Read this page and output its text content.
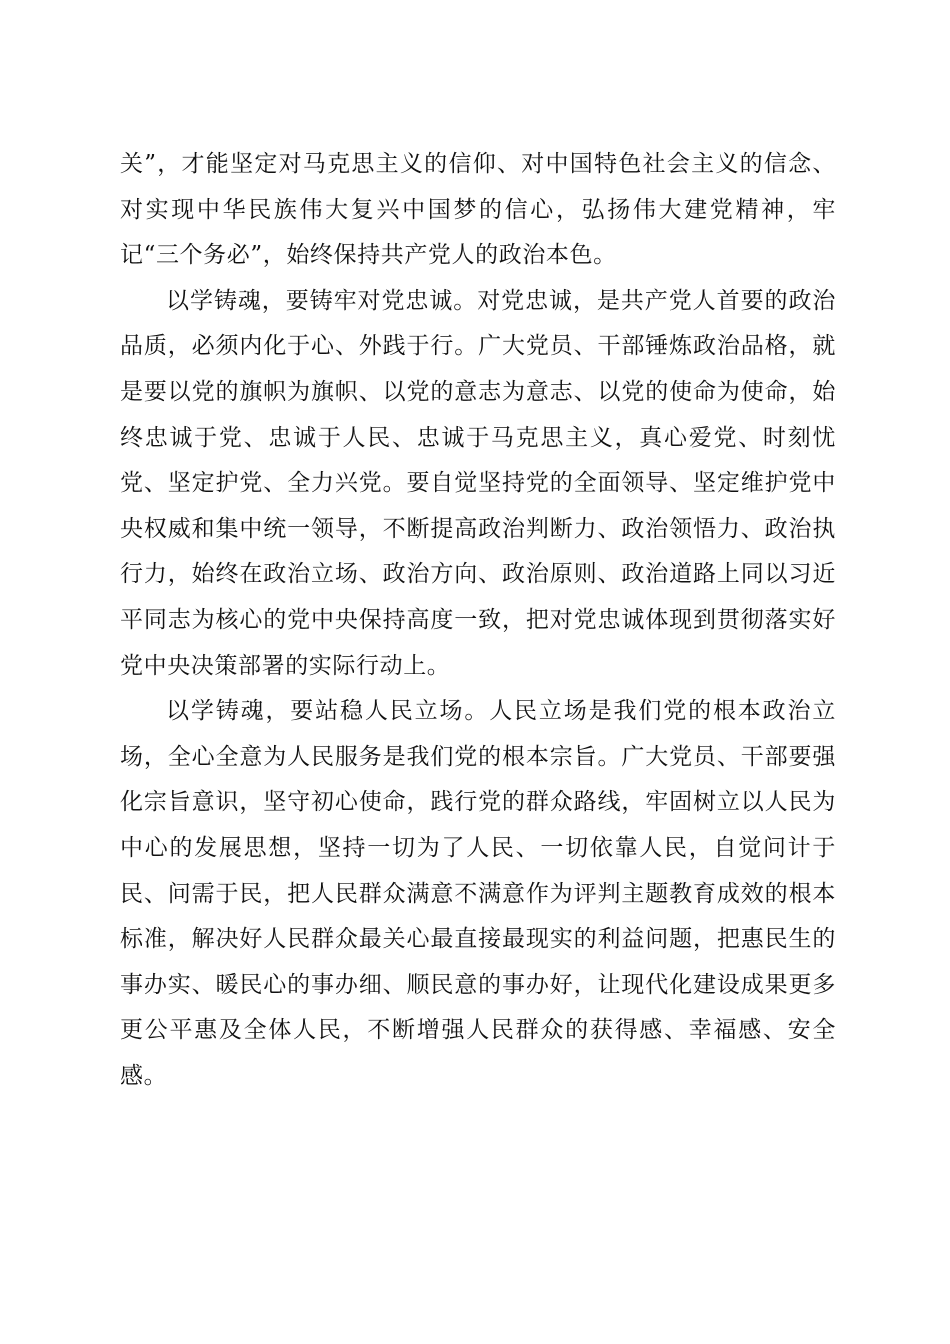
关”，才能坚定对马克思主义的信仰、对中国特色社会主义的信念、对实现中华民族伟大复兴中国梦的信心，弘扬伟大建党精神，牢记“三个务必”，始终保持共产党人的政治本色。

以学铸魂，要铸牢对党忠诚。对党忠诚，是共产党人首要的政治品质，必须内化于心、外践于行。广大党员、干部锤炼政治品格，就是要以党的旗帜为旗帜、以党的意志为意志、以党的使命为使命，始终忠诚于党、忠诚于人民、忠诚于马克思主义，真心爱党、时刻忧党、坚定护党、全力兴党。要自觉坚持党的全面领导、坚定维护党中央权威和集中统一领导，不断提高政治判断力、政治领悟力、政治执行力，始终在政治立场、政治方向、政治原则、政治道路上同以习近平同志为核心的党中央保持高度一致，把对党忠诚体现到贯彻落实好党中央决策部署的实际行动上。

以学铸魂，要站稳人民立场。人民立场是我们党的根本政治立场，全心全意为人民服务是我们党的根本宗旨。广大党员、干部要强化宗旨意识，坚守初心使命，践行党的群众路线，牢固树立以人民为中心的发展思想，坚持一切为了人民、一切依靠人民，自觉问计于民、问需于民，把人民群众满意不满意作为评判主题教育成效的根本标准，解决好人民群众最关心最直接最现实的利益问题，把惠民生的事办实、暖民心的事办细、顺民意的事办好，让现代化建设成果更多更公平惠及全体人民，不断增强人民群众的获得感、幸福感、安全感。
